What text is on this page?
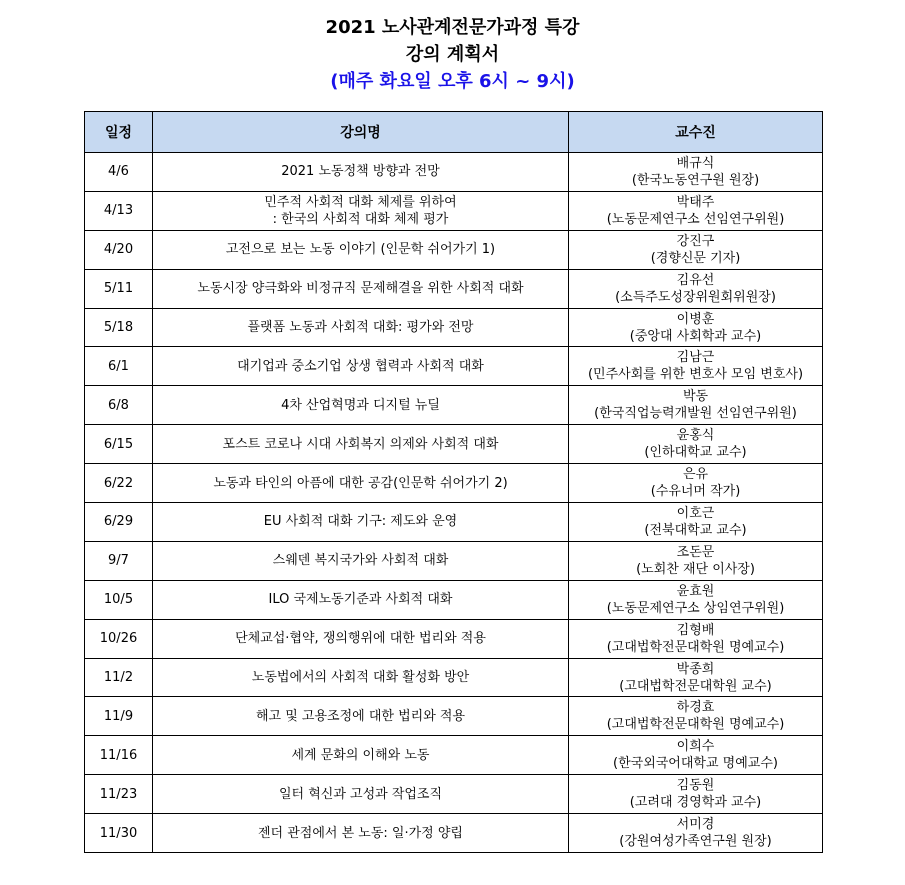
2021 노사관계전문가과정 특강
강의 계획서
(매주 화요일 오후 6시 ~ 9시)
일정	강의명	교수진
4/6	2021 노동정책 방향과 전망	배규식
(한국노동연구원 원장)

4/13	민주적 사회적 대화 체제를 위하여
: 한국의 사회적 대화 체제 평가	박태주
(노동문제연구소 선임연구위원)

4/20	고전으로 보는 노동 이야기 (인문학 쉬어가기 1)	강진구
(경향신문 기자)

5/11	노동시장 양극화와 비정규직 문제해결을 위한 사회적 대화	김유선
(소득주도성장위원회위원장)

5/18	플랫폼 노동과 사회적 대화: 평가와 전망	이병훈
(중앙대 사회학과 교수)

6/1	대기업과 중소기업 상생 협력과 사회적 대화	김남근
(민주사회를 위한 변호사 모임 변호사)

6/8	4차 산업혁명과 디지털 뉴딜	박동
(한국직업능력개발원 선임연구위원)

6/15	포스트 코로나 시대 사회복지 의제와 사회적 대화	윤홍식
(인하대학교 교수)

6/22	노동과 타인의 아픔에 대한 공감(인문학 쉬어가기 2)	은유
(수유너머 작가)

6/29	EU 사회적 대화 기구: 제도와 운영	이호근
(전북대학교 교수)

9/7	스웨덴 복지국가와 사회적 대화	조돈문
(노회찬 재단 이사장)

10/5	ILO 국제노동기준과 사회적 대화	윤효원
(노동문제연구소 상임연구위원)

10/26	단체교섭·협약, 쟁의행위에 대한 법리와 적용	김형배
(고대법학전문대학원 명예교수)

11/2	노동법에서의 사회적 대화 활성화 방안	박종희
(고대법학전문대학원 교수)

11/9	해고 및 고용조정에 대한 법리와 적용	하경효
(고대법학전문대학원 명예교수)

11/16	세계 문화의 이해와 노동	이희수
(한국외국어대학교 명예교수)

11/23	일터 혁신과 고성과 작업조직	김동원
(고려대 경영학과 교수)

11/30	젠더 관점에서 본 노동: 일·가정 양립	서미경
(강원여성가족연구원 원장)
